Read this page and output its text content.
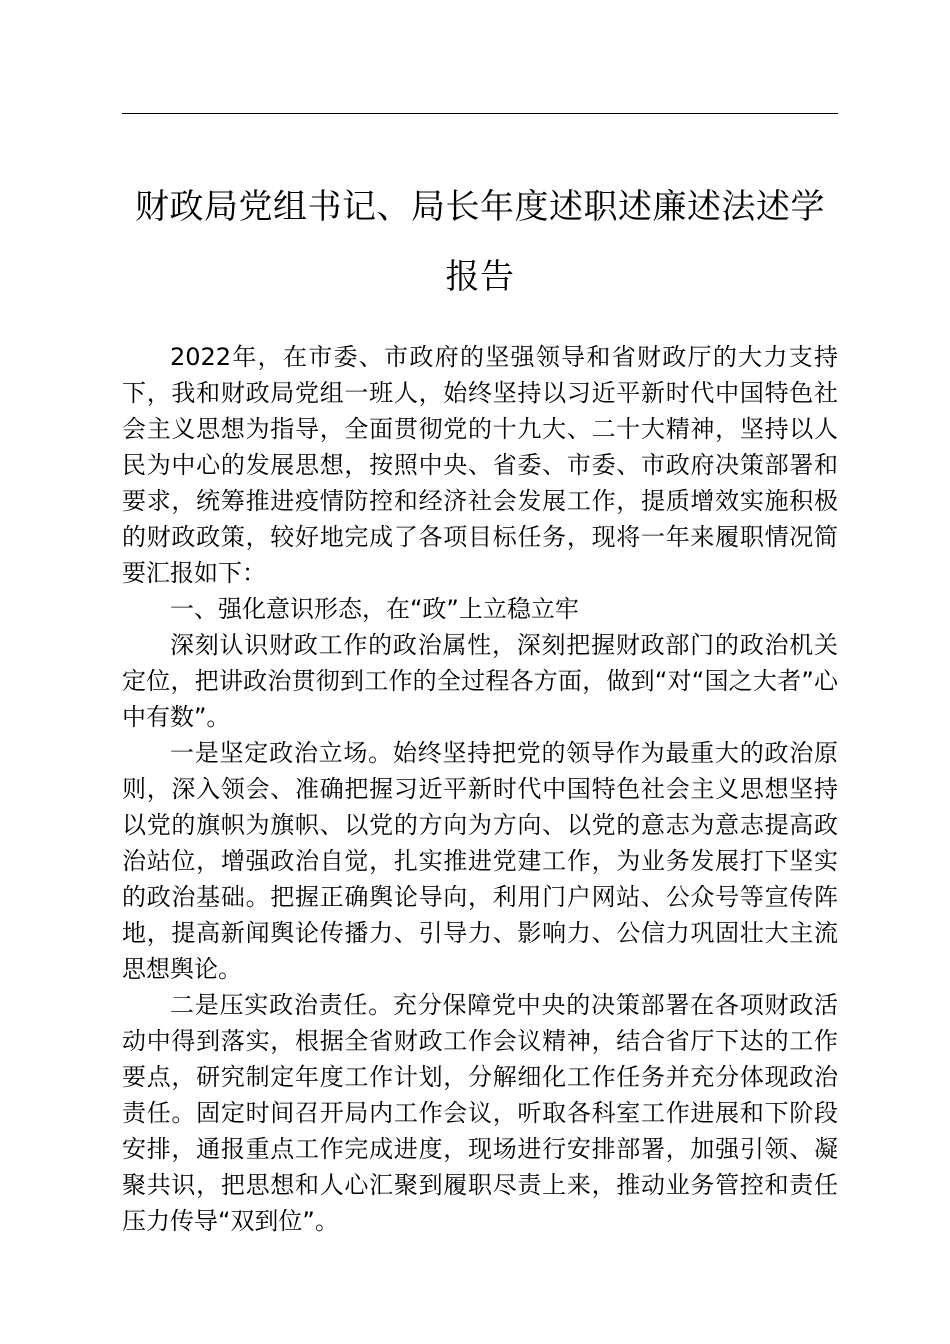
财政局党组书记、局长年度述职述廉述法述学报告

2022年，在市委、市政府的坚强领导和省财政厅的大力支持下，我和财政局党组一班人，始终坚持以习近平新时代中国特色社会主义思想为指导，全面贯彻党的十九大、二十大精神，坚持以人民为中心的发展思想，按照中央、省委、市委、市政府决策部署和要求，统筹推进疫情防控和经济社会发展工作，提质增效实施积极的财政政策，较好地完成了各项目标任务，现将一年来履职情况简要汇报如下：

一、强化意识形态，在“政”上立稳立牢

深刻认识财政工作的政治属性，深刻把握财政部门的政治机关定位，把讲政治贯彻到工作的全过程各方面，做到“对“国之大者”心中有数”。

一是坚定政治立场。始终坚持把党的领导作为最重大的政治原则，深入领会、准确把握习近平新时代中国特色社会主义思想坚持以党的旗帜为旗帜、以党的方向为方向、以党的意志为意志提高政治站位，增强政治自觉，扎实推进党建工作，为业务发展打下坚实的政治基础。把握正确舆论导向，利用门户网站、公众号等宣传阵地，提高新闻舆论传播力、引导力、影响力、公信力巩固壮大主流思想舆论。

二是压实政治责任。充分保障党中央的决策部署在各项财政活动中得到落实，根据全省财政工作会议精神，结合省厅下达的工作要点，研究制定年度工作计划，分解细化工作任务并充分体现政治责任。固定时间召开局内工作会议，听取各科室工作进展和下阶段安排，通报重点工作完成进度，现场进行安排部署，加强引领、凝聚共识，把思想和人心汇聚到履职尽责上来，推动业务管控和责任压力传导“双到位”。
